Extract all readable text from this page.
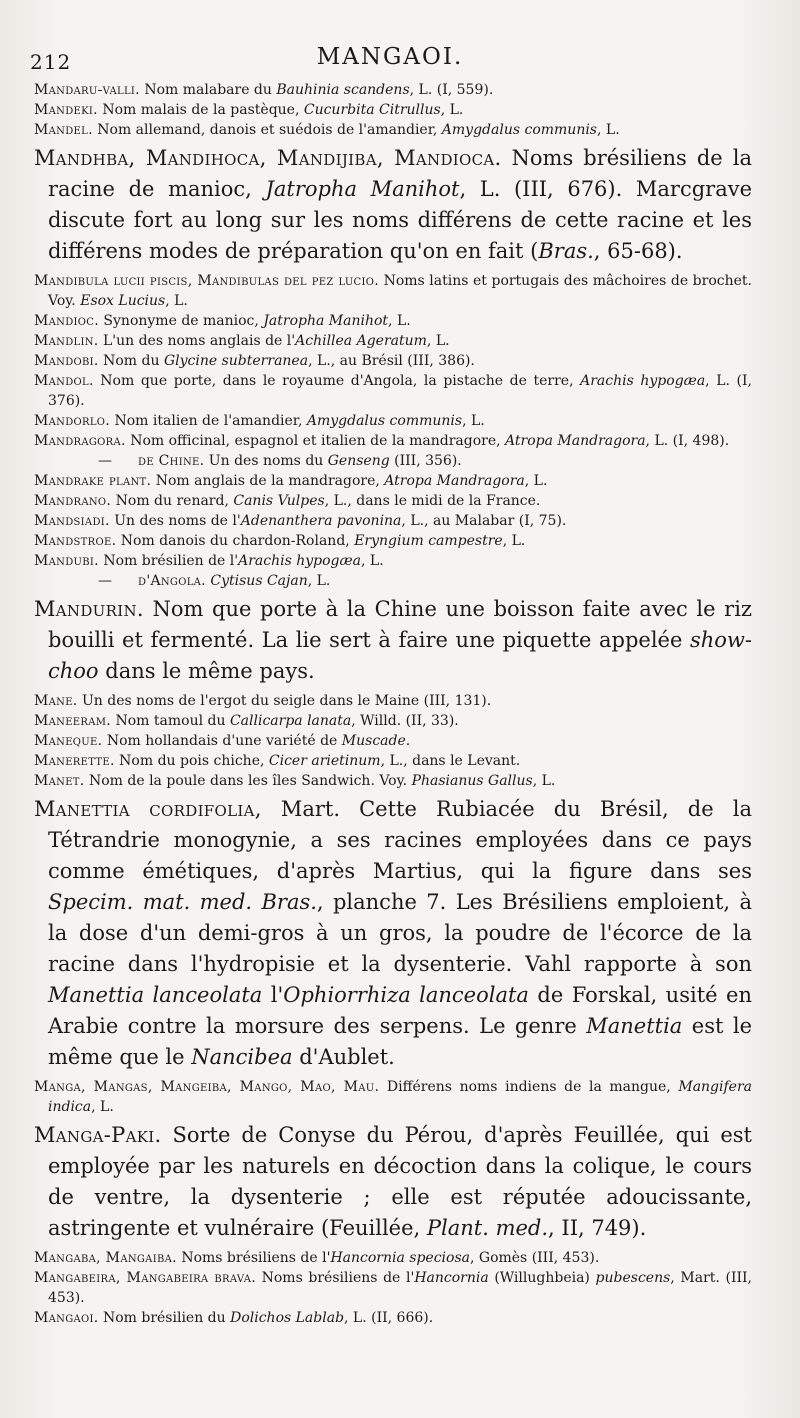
212	MANGAOI.

Mandaru-valli. Nom malabare du Bauhinia scandens, L. (I, 559).

Mandeki. Nom malais de la pastèque, Cucurbita Citrullus, L.

Mandel. Nom allemand, danois et suédois de l'amandier, Amygdalus communis, L.

Mandhba, Mandihoca, Mandijiba, Mandioca. Noms brésiliens de la racine de manioc, Jatropha Manihot, L. (III, 676). Marcgrave discute fort au long sur les noms différens de cette racine et les différens modes de préparation qu'on en fait (Bras., 65-68).

Mandibula lucii piscis, Mandibulas del pez lucio. Noms latins et portugais des mâchoires de brochet. Voy. Esox Lucius, L.

Mandioc. Synonyme de manioc, Jatropha Manihot, L.

Mandlin. L'un des noms anglais de l'Achillea Ageratum, L.

Mandobi. Nom du Glycine subterranea, L., au Brésil (III, 386).

Mandol. Nom que porte, dans le royaume d'Angola, la pistache de terre, Arachis hypogæa, L. (I, 376).

Mandorlo. Nom italien de l'amandier, Amygdalus communis, L.

Mandragora. Nom officinal, espagnol et italien de la mandragore, Atropa Mandragora, L. (I, 498).

— de Chine. Un des noms du Genseng (III, 356).

Mandrake plant. Nom anglais de la mandragore, Atropa Mandragora, L.

Mandrano. Nom du renard, Canis Vulpes, L., dans le midi de la France.

Mandsiadi. Un des noms de l'Adenanthera pavonina, L., au Malabar (I, 75).

Mandstroe. Nom danois du chardon-Roland, Eryngium campestre, L.

Mandubi. Nom brésilien de l'Arachis hypogæa, L.

— d'Angola. Cytisus Cajan, L.

Mandurin. Nom que porte à la Chine une boisson faite avec le riz bouilli et fermenté. La lie sert à faire une piquette appelée show-choo dans le même pays.

Mane. Un des noms de l'ergot du seigle dans le Maine (III, 131).

Maneeram. Nom tamoul du Callicarpa lanata, Willd. (II, 33).

Maneque. Nom hollandais d'une variété de Muscade.

Manerette. Nom du pois chiche, Cicer arietinum, L., dans le Levant.

Manet. Nom de la poule dans les îles Sandwich. Voy. Phasianus Gallus, L.

Manettia cordifolia, Mart. Cette Rubiacée du Brésil, de la Tétrandrie monogynie, a ses racines employées dans ce pays comme émétiques, d'après Martius, qui la figure dans ses Specim. mat. med. Bras., planche 7. Les Brésiliens emploient, à la dose d'un demi-gros à un gros, la poudre de l'écorce de la racine dans l'hydropisie et la dysenterie. Vahl rapporte à son Manettia lanceolata l'Ophiorrhiza lanceolata de Forskal, usité en Arabie contre la morsure des serpens. Le genre Manettia est le même que le Nancibea d'Aublet.

Manga, Mangas, Mangeiba, Mango, Mao, Mau. Différens noms indiens de la mangue, Mangifera indica, L.

Manga-Paki. Sorte de Conyse du Pérou, d'après Feuillée, qui est employée par les naturels en décoction dans la colique, le cours de ventre, la dysenterie ; elle est réputée adoucissante, astringente et vulnéraire (Feuillée, Plant. med., II, 749).

Mangaba, Mangaiba. Noms brésiliens de l'Hancornia speciosa, Gomès (III, 453).

Mangabeira, Mangabeira brava. Noms brésiliens de l'Hancornia (Willughbeia) pubescens, Mart. (III, 453).

Mangaoi. Nom brésilien du Dolichos Lablab, L. (II, 666).
